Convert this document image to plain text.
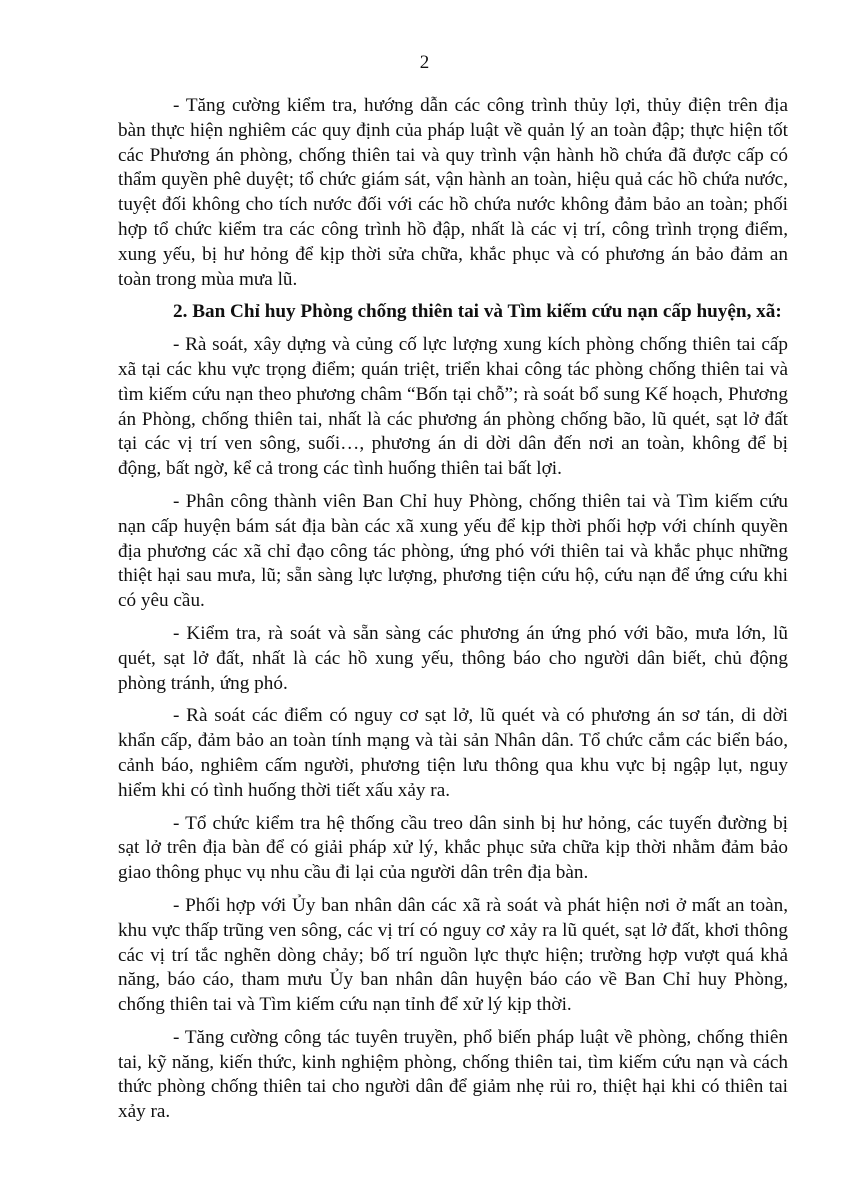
2

- Tăng cường kiểm tra, hướng dẫn các công trình thủy lợi, thủy điện trên địa bàn thực hiện nghiêm các quy định của pháp luật về quản lý an toàn đập; thực hiện tốt các Phương án phòng, chống thiên tai và quy trình vận hành hồ chứa đã được cấp có thẩm quyền phê duyệt; tổ chức giám sát, vận hành an toàn, hiệu quả các hồ chứa nước, tuyệt đối không cho tích nước đối với các hồ chứa nước không đảm bảo an toàn; phối hợp tổ chức kiểm tra các công trình hồ đập, nhất là các vị trí, công trình trọng điểm, xung yếu, bị hư hỏng để kịp thời sửa chữa, khắc phục và có phương án bảo đảm an toàn trong mùa mưa lũ.

2. Ban Chỉ huy Phòng chống thiên tai và Tìm kiếm cứu nạn cấp huyện, xã:

- Rà soát, xây dựng và củng cố lực lượng xung kích phòng chống thiên tai cấp xã tại các khu vực trọng điểm; quán triệt, triển khai công tác phòng chống thiên tai và tìm kiếm cứu nạn theo phương châm “Bốn tại chỗ”; rà soát bổ sung Kế hoạch, Phương án Phòng, chống thiên tai, nhất là các phương án phòng chống bão, lũ quét, sạt lở đất tại các vị trí ven sông, suối…, phương án di dời dân đến nơi an toàn, không để bị động, bất ngờ, kể cả trong các tình huống thiên tai bất lợi.

- Phân công thành viên Ban Chỉ huy Phòng, chống thiên tai và Tìm kiếm cứu nạn cấp huyện bám sát địa bàn các xã xung yếu để kịp thời phối hợp với chính quyền địa phương các xã chỉ đạo công tác phòng, ứng phó với thiên tai và khắc phục những thiệt hại sau mưa, lũ; sẵn sàng lực lượng, phương tiện cứu hộ, cứu nạn để ứng cứu khi có yêu cầu.

- Kiểm tra, rà soát và sẵn sàng các phương án ứng phó với bão, mưa lớn, lũ quét, sạt lở đất, nhất là các hồ xung yếu, thông báo cho người dân biết, chủ động phòng tránh, ứng phó.

- Rà soát các điểm có nguy cơ sạt lở, lũ quét và có phương án sơ tán, di dời khẩn cấp, đảm bảo an toàn tính mạng và tài sản Nhân dân. Tổ chức cắm các biển báo, cảnh báo, nghiêm cấm người, phương tiện lưu thông qua khu vực bị ngập lụt, nguy hiểm khi có tình huống thời tiết xấu xảy ra.

- Tổ chức kiểm tra hệ thống cầu treo dân sinh bị hư hỏng, các tuyến đường bị sạt lở trên địa bàn để có giải pháp xử lý, khắc phục sửa chữa kịp thời nhằm đảm bảo giao thông phục vụ nhu cầu đi lại của người dân trên địa bàn.

- Phối hợp với Ủy ban nhân dân các xã rà soát và phát hiện nơi ở mất an toàn, khu vực thấp trũng ven sông, các vị trí có nguy cơ xảy ra lũ quét, sạt lở đất, khơi thông các vị trí tắc nghẽn dòng chảy; bố trí nguồn lực thực hiện; trường hợp vượt quá khả năng, báo cáo, tham mưu Ủy ban nhân dân huyện báo cáo về Ban Chỉ huy Phòng, chống thiên tai và Tìm kiếm cứu nạn tỉnh để xử lý kịp thời.

- Tăng cường công tác tuyên truyền, phổ biến pháp luật về phòng, chống thiên tai, kỹ năng, kiến thức, kinh nghiệm phòng, chống thiên tai, tìm kiếm cứu nạn và cách thức phòng chống thiên tai cho người dân để giảm nhẹ rủi ro, thiệt hại khi có thiên tai xảy ra.
